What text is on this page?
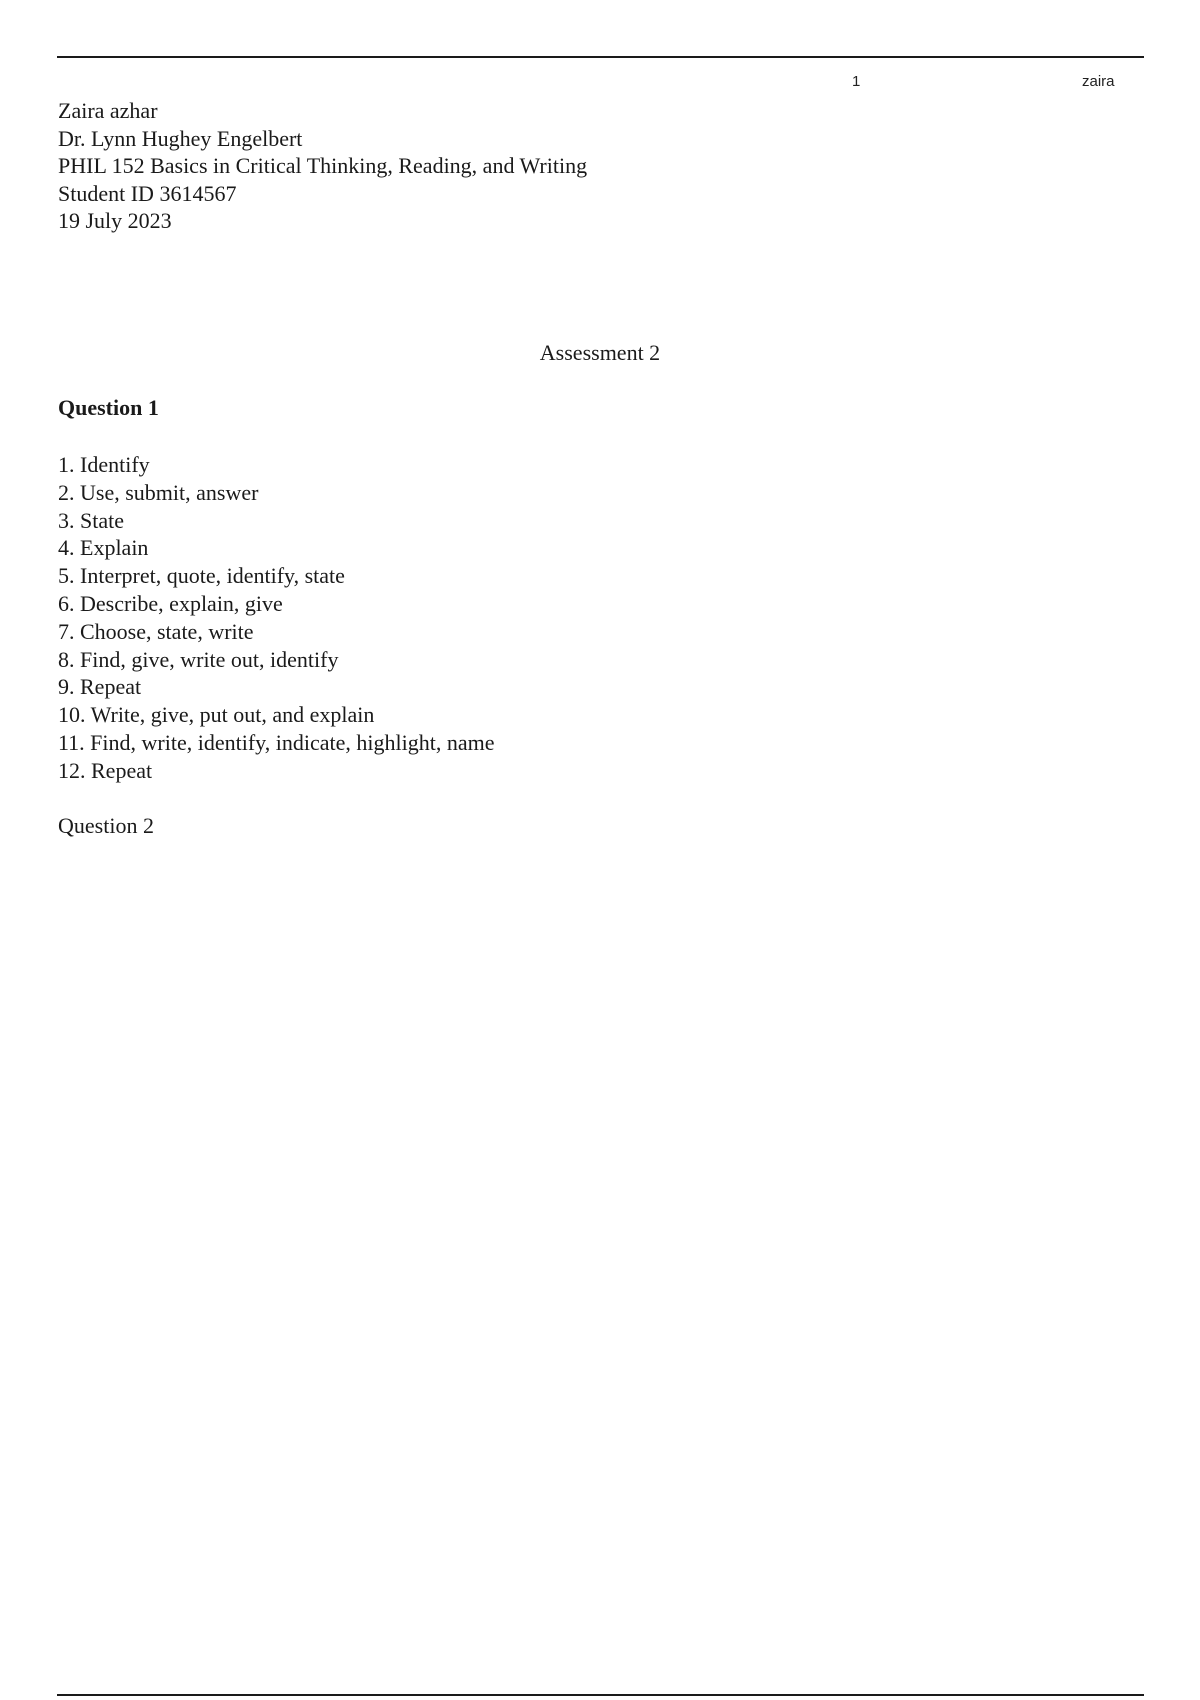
1	zaira
Zaira azhar
Dr. Lynn Hughey Engelbert
PHIL 152 Basics in Critical Thinking, Reading, and Writing
Student ID 3614567
19 July 2023
Assessment 2
Question 1
1. Identify
2. Use, submit, answer
3. State
4. Explain
5. Interpret, quote, identify, state
6. Describe, explain, give
7. Choose, state, write
8. Find, give, write out, identify
9. Repeat
10. Write, give, put out, and explain
11. Find, write, identify, indicate, highlight, name
12. Repeat
Question 2
